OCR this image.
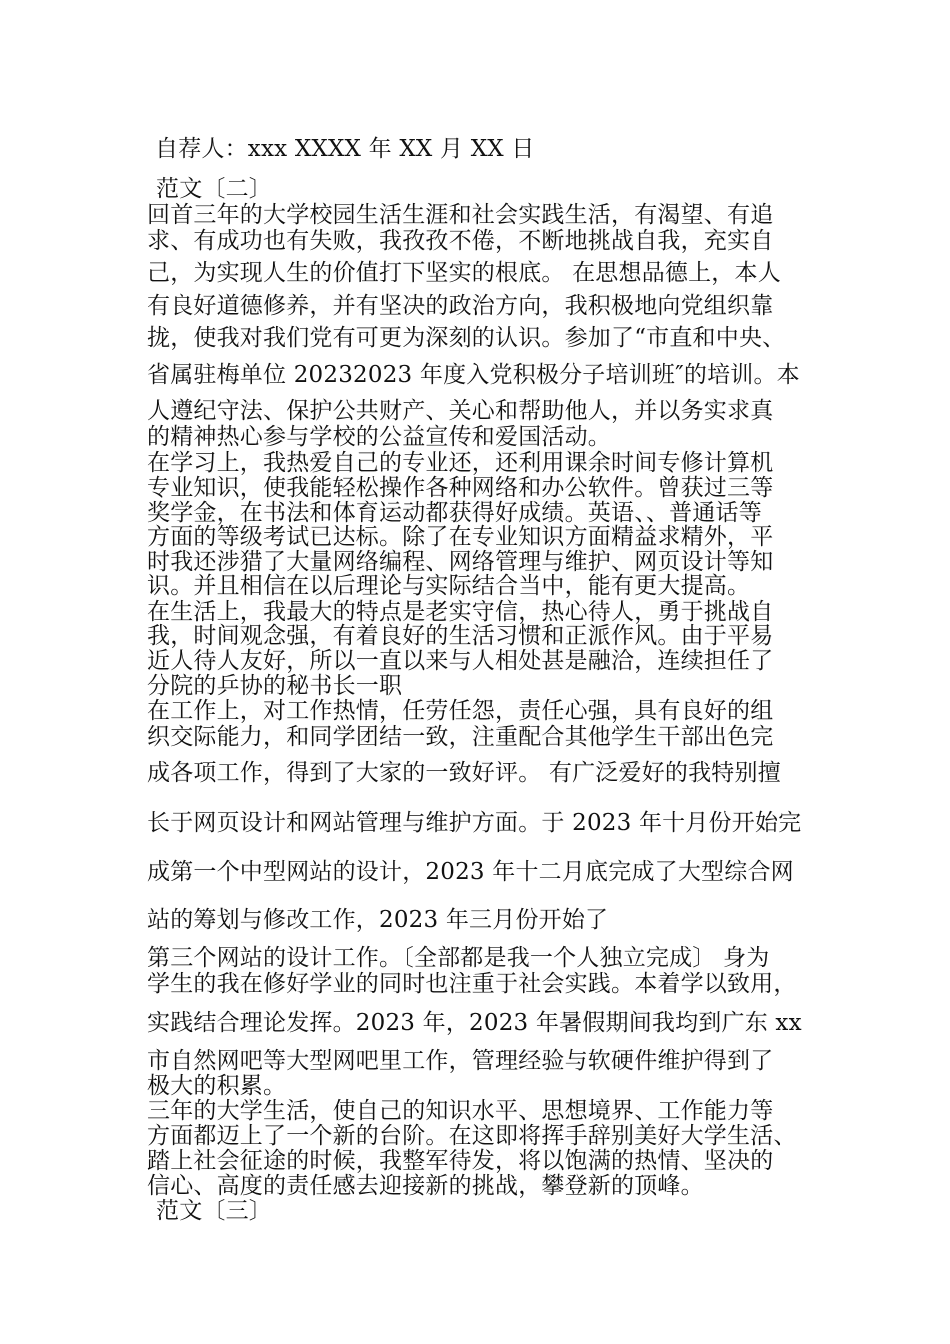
自荐人：xxx XXXX 年 XX 月 XX 日
范文〔二〕
回首三年的大学校园生活生涯和社会实践生活，有渴望、有追
求、有成功也有失败，我孜孜不倦，不断地挑战自我，充实自
己，为实现人生的价值打下坚实的根底。 在思想品德上，本人
有良好道德修养，并有坚决的政治方向，我积极地向党组织靠
拢，使我对我们党有可更为深刻的认识。参加了“市直和中央、
省属驻梅单位 20232023 年度入党积极分子培训班″的培训。本
人遵纪守法、保护公共财产、关心和帮助他人，并以务实求真
的精神热心参与学校的公益宣传和爱国活动。
在学习上，我热爱自己的专业还，还利用课余时间专修计算机
专业知识，使我能轻松操作各种网络和办公软件。曾获过三等
奖学金，在书法和体育运动都获得好成绩。英语、、普通话等
方面的等级考试已达标。除了在专业知识方面精益求精外，平
时我还涉猎了大量网络编程、网络管理与维护、网页设计等知
识。并且相信在以后理论与实际结合当中，能有更大提高。
在生活上，我最大的特点是老实守信，热心待人，勇于挑战自
我，时间观念强，有着良好的生活习惯和正派作风。由于平易
近人待人友好，所以一直以来与人相处甚是融洽，连续担任了
分院的乒协的秘书长一职
在工作上，对工作热情，任劳任怨，责任心强，具有良好的组
织交际能力，和同学团结一致，注重配合其他学生干部出色完
成各项工作，得到了大家的一致好评。 有广泛爱好的我特别擅
长于网页设计和网站管理与维护方面。于 2023 年十月份开始完
成第一个中型网站的设计，2023 年十二月底完成了大型综合网
站的筹划与修改工作，2023 年三月份开始了
第三个网站的设计工作。〔全部都是我一个人独立完成〕 身为
学生的我在修好学业的同时也注重于社会实践。本着学以致用，
实践结合理论发挥。2023 年，2023 年暑假期间我均到广东 xx
市自然网吧等大型网吧里工作，管理经验与软硬件维护得到了
极大的积累。
三年的大学生活，使自己的知识水平、思想境界、工作能力等
方面都迈上了一个新的台阶。在这即将挥手辞别美好大学生活、
踏上社会征途的时候，我整军待发，将以饱满的热情、坚决的
信心、高度的责任感去迎接新的挑战，攀登新的顶峰。
范文〔三〕
